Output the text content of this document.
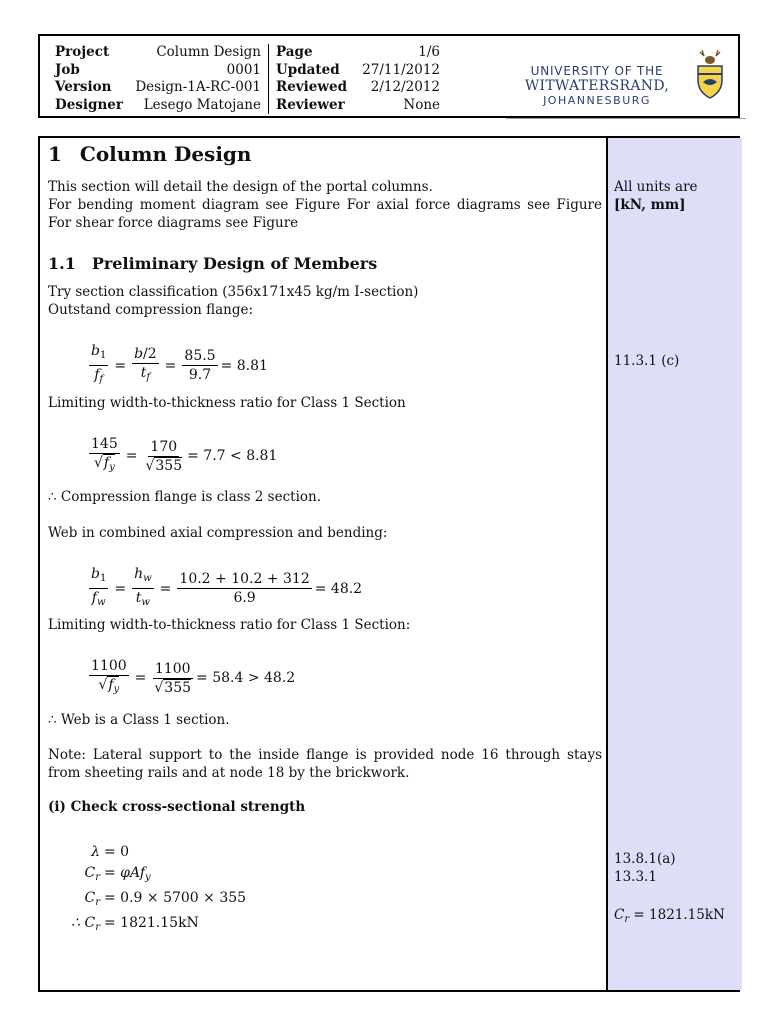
Project	Column Design
Job	0001
Version Design-1A-RC-001
Designer Lesego Matojane
Page	1/6
Updated 27/11/2012
Reviewed 2/12/2012
Reviewer	None
UNIVERSITY OF THE
WITWATERSRAND,
JOHANNESBURG
1 Column Design
This section will detail the design of the portal columns.
For bending moment diagram see Figure For axial force diagrams see Figure For shear force diagrams see Figure
1.1 Preliminary Design of Members
Try section classification (356x171x45 kg/m I-section)
Outstand compression flange:
$\frac{b_1}{f_f} = \frac{b/2}{t_f} = \frac{85.5}{9.7} = 8.81$
Limiting width-to-thickness ratio for Class 1 Section
$\frac{145}{√f_y} = \frac{170}{√355} = 7.7 < 8.81$
∴ Compression flange is class 2 section.
Web in combined axial compression and bending:
$\frac{b_1}{f_w} = \frac{h_w}{t_w} = \frac{10.2 + 10.2 + 312}{6.9} = 48.2$
Limiting width-to-thickness ratio for Class 1 Section:
$\frac{1100}{√f_y} = \frac{1100}{√355} = 58.4 > 48.2$
∴ Web is a Class 1 section.
Note: Lateral support to the inside flange is provided node 16 through stays from sheeting rails and at node 18 by the brickwork.
(i) Check cross-sectional strength
λ = 0
$C_r = \varphi Af_y$
$C_r = 0.9 \times 5700 \times 355$
∴ $C_r = 1821.15kN$
All units are
[kN, mm]
11.3.1 (c)
13.8.1(a)
13.3.1
$C_r = 1821.15kN$
